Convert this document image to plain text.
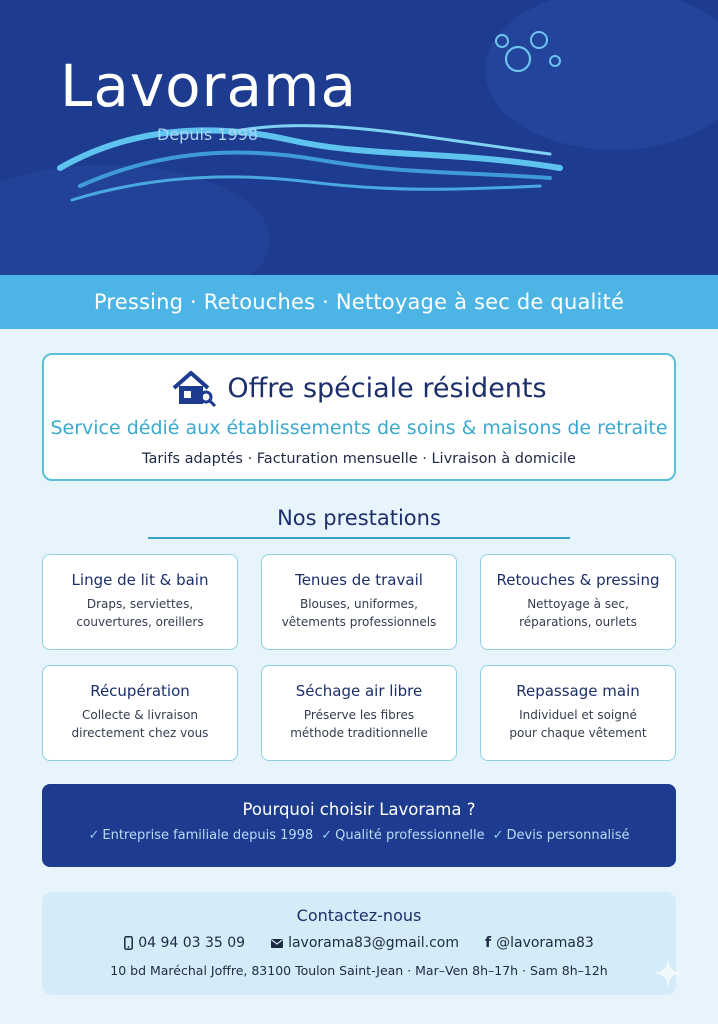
Lavorama
Depuis 1998
Pressing · Retouches · Nettoyage à sec de qualité
Offre spéciale résidents
Service dédié aux établissements de soins & maisons de retraite
Tarifs adaptés · Facturation mensuelle · Livraison à domicile
Nos prestations
Linge de lit & bain
Draps, serviettes,
couvertures, oreillers
Tenues de travail
Blouses, uniformes,
vêtements professionnels
Retouches & pressing
Nettoyage à sec,
réparations, ourlets
Récupération
Collecte & livraison
directement chez vous
Séchage air libre
Préserve les fibres
méthode traditionnelle
Repassage main
Individuel et soigné
pour chaque vêtement
Pourquoi choisir Lavorama ?
✓ Entreprise familiale depuis 1998 ✓ Qualité professionnelle ✓ Devis personnalisé
Contactez-nous
04 94 03 35 09	lavorama83@gmail.com f @lavorama83
10 bd Maréchal Joffre, 83100 Toulon Saint-Jean · Mar–Ven 8h–17h · Sam 8h–12h
